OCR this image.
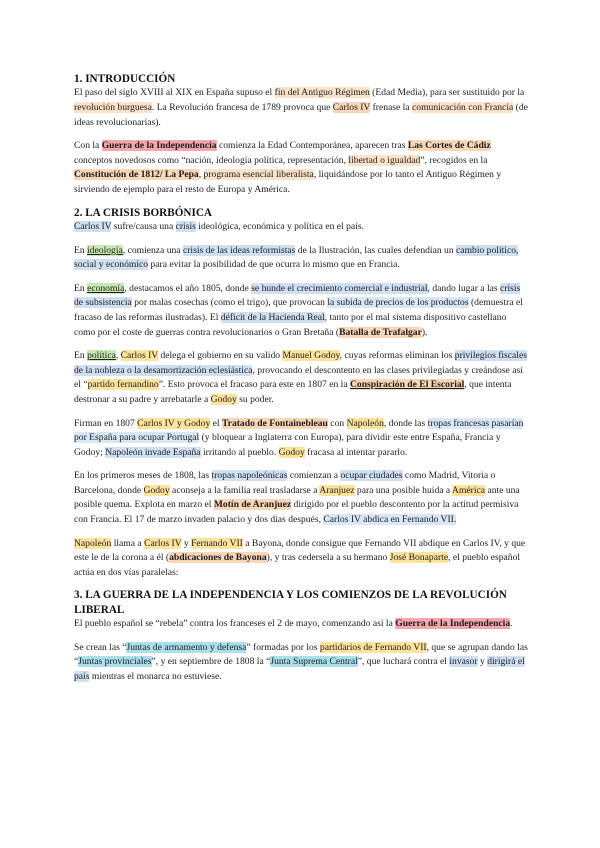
1. INTRODUCCIÓN

El paso del siglo XVIII al XIX en España supuso el fin del Antiguo Régimen (Edad Media), para ser sustituido por la revolución burguesa. La Revolución francesa de 1789 provoca que Carlos IV frenase la comunicación con Francia (de ideas revolucionarias).

Con la Guerra de la Independencia comienza la Edad Contemporánea, aparecen tras Las Cortes de Cádiz conceptos novedosos como “nación, ideología política, representación, libertad o igualdad”, recogidos en la Constitución de 1812/ La Pepa, programa esencial liberalista, liquidándose por lo tanto el Antiguo Régimen y sirviendo de ejemplo para el resto de Europa y América.

2. LA CRISIS BORBÓNICA

Carlos IV sufre/causa una crisis ideológica, económica y política en el país.

En ideología, comienza una crisis de las ideas reformistas de la Ilustración, las cuales defendían un cambio político, social y económico para evitar la posibilidad de que ocurra lo mismo que en Francia.

En economía, destacamos el año 1805, donde se hunde el crecimiento comercial e industrial, dando lugar a las crisis de subsistencia por malas cosechas (como el trigo), que provocan la subida de precios de los productos (demuestra el fracaso de las reformas ilustradas). El déficit de la Hacienda Real, tanto por el mal sistema dispositivo castellano como por el coste de guerras contra revolucionarios o Gran Bretaña (Batalla de Trafalgar).

En política, Carlos IV delega el gobierno en su valido Manuel Godoy, cuyas reformas eliminan los privilegios fiscales de la nobleza o la desamortización eclesiástica, provocando el descontento en las clases privilegiadas y creándose así el “partido fernandino”. Esto provoca el fracaso para este en 1807 en la Conspiración de El Escorial, que intenta destronar a su padre y arrebatarle a Godoy su poder.

Firman en 1807 Carlos IV y Godoy el Tratado de Fontainebleau con Napoleón, donde las tropas francesas pasarían por España para ocupar Portugal (y bloquear a Inglaterra con Europa), para dividir este entre España, Francia y Godoy; Napoleón invade España irritando al pueblo. Godoy fracasa al intentar pararlo.

En los primeros meses de 1808, las tropas napoleónicas comienzan a ocupar ciudades como Madrid, Vitoria o Barcelona, donde Godoy aconseja a la familia real trasladarse a Aranjuez para una posible huida a América ante una posible quema. Explota en marzo el Motín de Aranjuez dirigido por el pueblo descontento por la actitud permisiva con Francia. El 17 de marzo invaden palacio y dos días después, Carlos IV abdica en Fernando VII.

Napoleón llama a Carlos IV y Fernando VII a Bayona, donde consigue que Fernando VII abdique en Carlos IV, y que este le de la corona a él (abdicaciones de Bayona), y tras cedersela a su hermano José Bonaparte, el pueblo español actúa en dos vías paralelas:

3. LA GUERRA DE LA INDEPENDENCIA Y LOS COMIENZOS DE LA REVOLUCIÓN LIBERAL

El pueblo español se “rebela” contra los franceses el 2 de mayo, comenzando así la Guerra de la Independencia.

Se crean las “Juntas de armamento y defensa” formadas por los partidarios de Fernando VII, que se agrupan dando las “Juntas provinciales”, y en septiembre de 1808 la “Junta Suprema Central”, que luchará contra el invasor y dirigirá el país mientras el monarca no estuviese.
